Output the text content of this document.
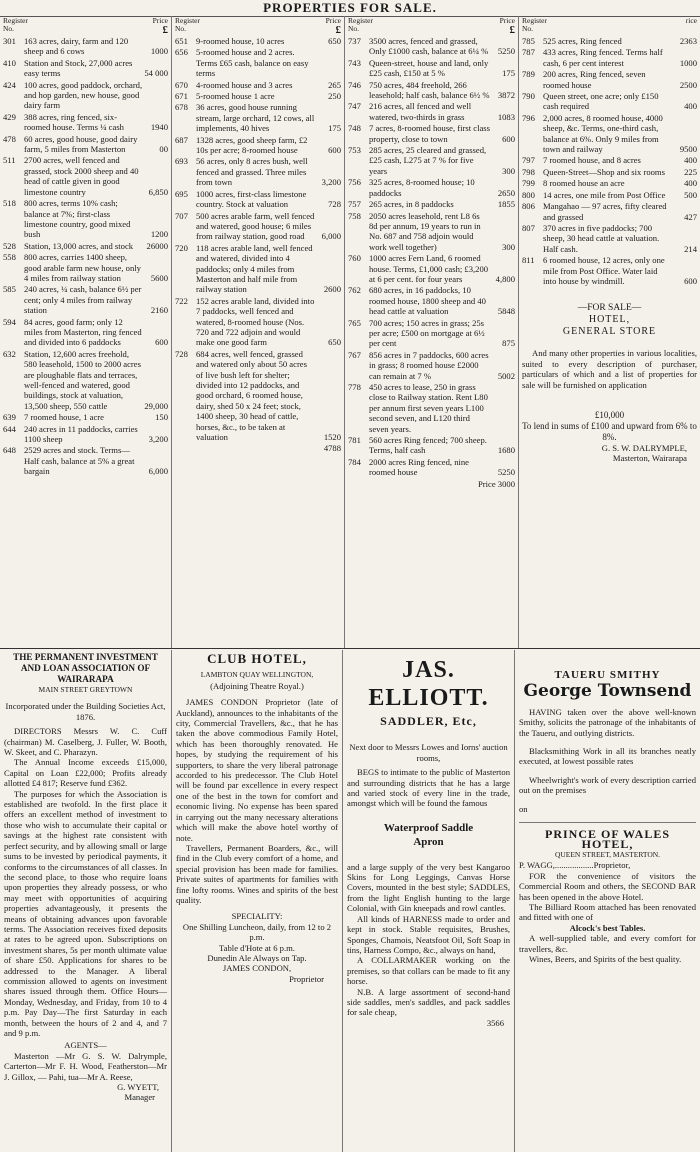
PROPERTIES FOR SALE.
Register
No.
Price
£
301 163 acres, dairy, farm and 120 sheep and 6 cows	1000
410 Station and Stock, 27,000 acres easy terms	54 000
424 100 acres, good paddock, orchard, and hop garden, new house, good dairy farm
429 388 acres, ring fenced, six-roomed house. Terms ¼ cash	1940
478 60 acres, good house, good dairy farm, 5 miles from Masterton	00
511 2700 acres, well fenced and grassed, stock 2000 sheep and 40 head of cattle given in good limestone country	6,850
518 800 acres, terms 10% cash; balance at 7%; first-class limestone country, good mixed bush	1200
528 Station, 13,000 acres, and stock 26000
558 800 acres, carries 1400 sheep, good arable farm new house, only 4 miles from railway station	5600
585 240 acres, ¼ cash, balance 6½ per cent; only 4 miles from railway station	2160
594 84 acres, good farm; only 12 miles from Masterton, ring fenced and divided into 6 paddocks	600
632 Station, 12,600 acres freehold, 580 leasehold, 1500 to 2000 acres are ploughable flats and terraces, well-fenced and watered, good buildings, stock at valuation, 13,500 sheep, 550 cattle	29,000
639 7 roomed house, 1 acre	150
644 240 acres in 11 paddocks, carries 1100 sheep	3,200
648 2529 acres and stock. Terms—Half cash, balance at 5% a great bargain	6,000
Register
No.
Price
£
651 9-roomed house, 10 acres	650
656 5-roomed house and 2 acres. Terms £65 cash, balance on easy terms
670 4-roomed house and 3 acres	265
671 5-roomed house 1 acre	250
678 36 acres, good house running stream, large orchard, 12 cows, all implements, 40 hives	175
687 1328 acres, good sheep farm, £2 10s per acre; 8-roomed house	600
693 56 acres, only 8 acres bush, well fenced and grassed. Three miles from town	3,200
695 1000 acres, first-class limestone country. Stock at valuation	728
707 500 acres arable farm, well fenced and watered, good house; 6 miles from railway station, good road 6,000
720 118 acres arable land, well fenced and watered, divided into 4 paddocks; only 4 miles from Masterton and half mile from railway station	2600
722 152 acres arable land, divided into 7 paddocks, well fenced and watered, 8-roomed house (Nos. 720 and 722 adjoin and would make one good farm	650
728 684 acres, well fenced, grassed and watered only about 50 acres of live bush left for shelter; divided into 12 paddocks, and good orchard, 6 roomed house, dairy, shed 50 x 24 feet; stock, 1400 sheep, 30 head of cattle, horses, &c., to be taken at valuation	1520
4788
Register
No.
Price
£
737 3500 acres, fenced and grassed, Only £1000 cash, balance at 6¼ % 5250
743 Queen-street, house and land, only £25 cash, £150 at 5 %	175
746 750 acres, 484 freehold, 266 leasehold; half cash, balance 6½ % 3872
747 216 acres, all fenced and well watered, two-thirds in grass	1083
748 7 acres, 8-roomed house, first class property, close to town	600
753 285 acres, 25 cleared and grassed, £25 cash, L275 at 7 % for five years	300
756 325 acres, 8-roomed house; 10 paddocks	2650
757 265 acres, in 8 paddocks	1855
758 2050 acres leasehold, rent L8 6s 8d per annum, 19 years to run in No. 687 and 758 adjoin would work well together)	300
760 1000 acres Fern Land, 6 roomed house. Terms, £1,000 cash; £3,200 at 6 per cent. for four years	4,800
762 680 acres, in 16 paddocks, 10 roomed house, 1800 sheep and 40 head cattle at valuation	5848
765 700 acres; 150 acres in grass; 25s per acre; £500 on mortgage at 6½ per cent	875
767 856 acres in 7 paddocks, 600 acres in grass; 8 roomed house £2000 can remain at 7 %	5002
778 450 acres to lease, 250 in grass close to Railway station. Rent L80 per annum first seven years L100 second seven, and L120 third seven years.
781 560 acres Ring fenced; 700 sheep. Terms, half cash	1680
784 2000 acres Ring fenced, nine roomed house	5250
Price 3000
Register
No.
rice
785 525 acres, Ring fenced	2363
787 433 acres, Ring fenced. Terms half cash, 6 per cent interest	1000
789 200 acres, Ring fenced, seven roomed house	2500
790 Queen street, one acre; only £150 cash required	400
796 2,000 acres, 8 roomed house, 4000 sheep, &c. Terms, one-third cash, balance at 6%. Only 9 miles from town and railway	9500
797 7 roomed house, and 8 acres	400
798 Queen-Street—Shop and six rooms 225
799 8 roomed house an acre	400
800 14 acres, one mile from Post Office 500
806 Mangahao — 97 acres, fifty cleared and grassed	427
807 370 acres in five paddocks; 700 sheep, 30 head cattle at valuation. Half cash.	214
811 6 roomed house, 12 acres, only one mile from Post Office. Water laid into house by windmill.	600
—FOR SALE—
HOTEL,
GENERAL STORE
And many other properties in various localities, suited to every description of purchaser, particulars of which and a list of properties for sale will be furnished on application
£10,000
To lend in sums of £100 and upward from 6% to 8%.
G. S. W. DALRYMPLE,
Masterton, Wairarapa
THE PERMANENT INVESTMENT AND LOAN ASSOCIATION OF WAIRARAPA
MAIN STREET GREYTOWN
Incorporated under the Building Societies Act, 1876.
DIRECTORS Messrs W. C. Cuff (chairman) M. Caselberg, J. Fuller, W. Booth, W. Skeet, and C. Pharazyn.
The Annual Income exceeds £15,000, Capital on Loan £22,000; Profits already allotted £4 817; Reserve fund £362.
The purposes for which the Association is established are twofold. In the first place it offers an excellent method of investment to those who wish to accumulate their capital or savings at the highest rate consistent with perfect security, and by allowing small or large sums to be invested by periodical payments, it conforms to the circumstances of all classes. In the second place, to those who require loans upon properties they already possess, or who may meet with opportunities of acquiring properties advantageously, it presents the means of obtaining advances upon favorable terms. The Association receives fixed deposits at rates to be agreed upon. Subscriptions on investment shares, 5s per month ultimate value of share £50. Applications for shares to be addressed to the Manager. A liberal commission allowed to agents on investment shares issued through them. Office Hours—Monday, Wednesday, and Friday, from 10 to 4 p.m. Pay Day—The first Saturday in each month, between the hours of 2 and 4, and 7 and 9 p.m.
AGENTS—
Masterton —Mr G. S. W. Dalrymple, Carterton—Mr F. H. Wood, Featherston—Mr J. Gillox, — Pahi, tua—Mr A. Reese,
G. WYETT,
Manager
CLUB HOTEL,
LAMBTON QUAY WELLINGTON,
(Adjoining Theatre Royal.)
JAMES CONDON Proprietor (late of Auckland), announces to the inhabitants of the city, Commercial Travellers, &c., that he has taken the above commodious Family Hotel, which has been thoroughly renovated. He hopes, by studying the requirement of his supporters, to share the very liberal patronage accorded to his predecessor. The Club Hotel will be found par excellence in every respect one of the best in the town for comfort and economic living. No expense has been spared in carrying out the many necessary alterations which will make the above hotel worthy of note.
Travellers, Permanent Boarders, &c., will find in the Club every comfort of a home, and special provision has been made for families. Private suites of apartments for families with fine lofty rooms. Wines and spirits of the best quality.
SPECIALITY:
One Shilling Luncheon, daily, from 12 to 2 p.m.
Table d'Hote at 6 p.m.
Dunedin Ale Always on Tap.
JAMES CONDON,
Proprietor
JAS. ELLIOTT.
SADDLER, Etc,
Next door to Messrs Lowes and Iorns' auction rooms,
BEGS to intimate to the public of Masterton and surrounding districts that he has a large and varied stock of every line in the trade, amongst which will be found the famous
Waterproof Saddle
Apron
and a large supply of the very best Kangaroo Skins for Long Leggings, Canvas Horse Covers, mounted in the best style; SADDLES, from the light English hunting to the large Colonial, with Gin kneepads and rowl cantles.
All kinds of HARNESS made to order and kept in stock. Stable requisites, Brushes, Sponges, Chamois, Neatsfoot Oil, Soft Soap in tins, Harness Compo, &c., always on hand,
A COLLARMAKER working on the premises, so that collars can be made to fit any horse.
N.B. A large assortment of second-hand side saddles, men's saddles, and pack saddles for sale cheap,
3566
TAUERU SMITHY
George Townsend
HAVING taken over the above well-known Smithy, solicits the patronage of the inhabitants of the Taueru, and outlying districts.
Blacksmithing Work in all its branches neatly executed, at lowest possible rates
Wheelwright's work of every description carried out on the premises
on
PRINCE OF WALES HOTEL,
QUEEN STREET, MASTERTON.
P. WAGG,..................Proprietor,
FOR the convenience of visitors the Commercial Room and others, the SECOND BAR has been opened in the above Hotel.
The Billiard Room attached has been renovated and fitted with one of
Alcock's best Tables.
A well-supplied table, and every comfort for travellers, &c.
Wines, Beers, and Spirits of the best quality.
